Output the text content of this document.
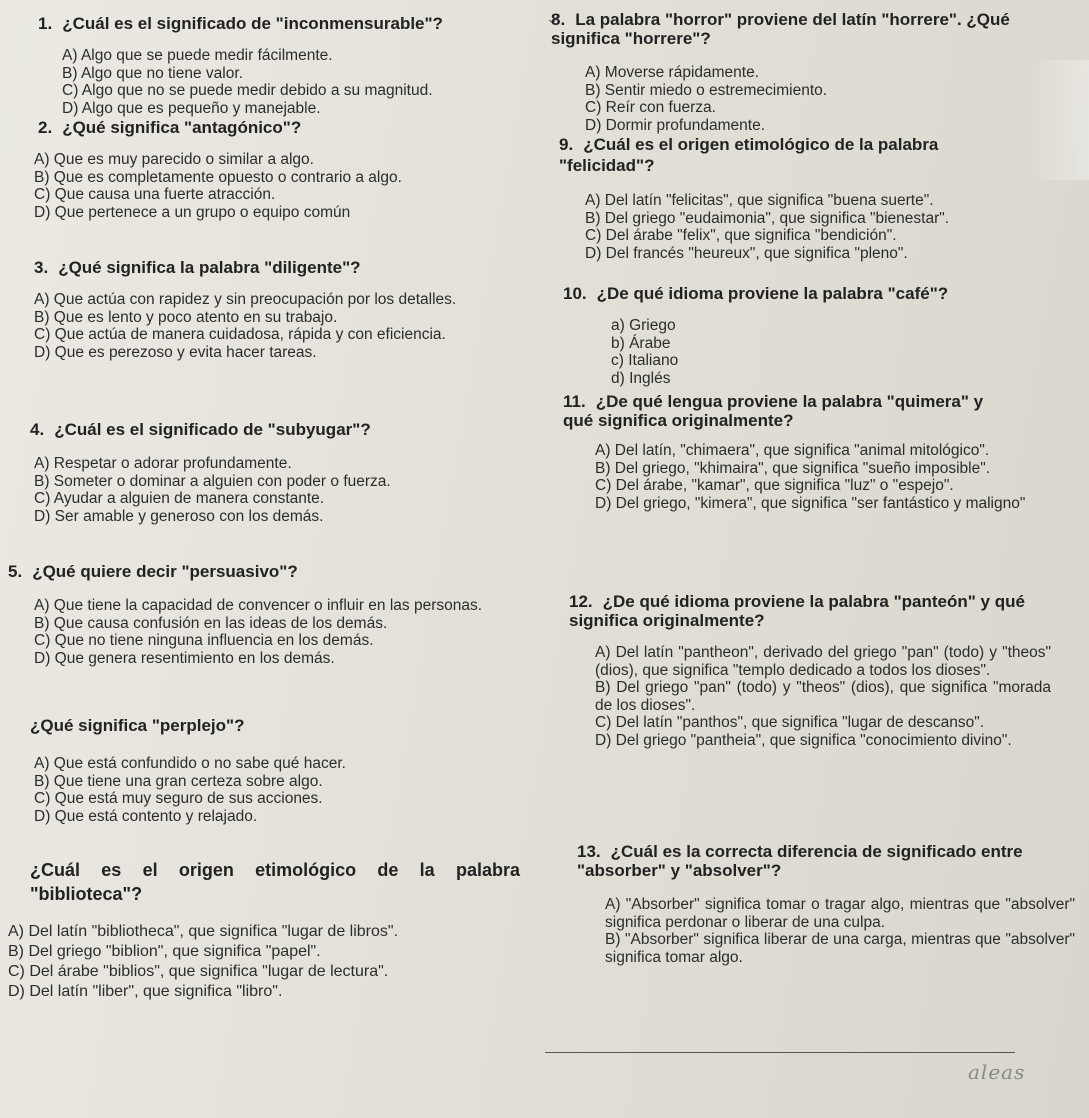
1. ¿Cuál es el significado de "inconmensurable"?

A) Algo que se puede medir fácilmente.

B) Algo que no tiene valor.

C) Algo que no se puede medir debido a su magnitud.

D) Algo que es pequeño y manejable.

2. ¿Qué significa "antagónico"?

A) Que es muy parecido o similar a algo.

B) Que es completamente opuesto o contrario a algo.

C) Que causa una fuerte atracción.

D) Que pertenece a un grupo o equipo común

3. ¿Qué significa la palabra "diligente"?

A) Que actúa con rapidez y sin preocupación por los detalles.

B) Que es lento y poco atento en su trabajo.

C) Que actúa de manera cuidadosa, rápida y con eficiencia.

D) Que es perezoso y evita hacer tareas.

4. ¿Cuál es el significado de "subyugar"?

A) Respetar o adorar profundamente.

B) Someter o dominar a alguien con poder o fuerza.

C) Ayudar a alguien de manera constante.

D) Ser amable y generoso con los demás.

5. ¿Qué quiere decir "persuasivo"?

A) Que tiene la capacidad de convencer o influir en las personas.

B) Que causa confusión en las ideas de los demás.

C) Que no tiene ninguna influencia en los demás.

D) Que genera resentimiento en los demás.

¿Qué significa "perplejo"?

A) Que está confundido o no sabe qué hacer.

B) Que tiene una gran certeza sobre algo.

C) Que está muy seguro de sus acciones.

D) Que está contento y relajado.

¿Cuál es el origen etimológico de la palabra "biblioteca"?

A) Del latín "bibliotheca", que significa "lugar de libros".

B) Del griego "biblion", que significa "papel".

C) Del árabe "biblios", que significa "lugar de lectura".

D) Del latín "liber", que significa "libro".

8. La palabra "horror" proviene del latín "horrere". ¿Qué significa "horrere"?

A) Moverse rápidamente.

B) Sentir miedo o estremecimiento.

C) Reír con fuerza.

D) Dormir profundamente.

9. ¿Cuál es el origen etimológico de la palabra "felicidad"?

A) Del latín "felicitas", que significa "buena suerte".

B) Del griego "eudaimonia", que significa "bienestar".

C) Del árabe "felix", que significa "bendición".

D) Del francés "heureux", que significa "pleno".

10. ¿De qué idioma proviene la palabra "café"?

a) Griego

b) Árabe

c) Italiano

d) Inglés

11. ¿De qué lengua proviene la palabra "quimera" y qué significa originalmente?

A) Del latín, "chimaera", que significa "animal mitológico".

B) Del griego, "khimaira", que significa "sueño imposible".

C) Del árabe, "kamar", que significa "luz" o "espejo".

D) Del griego, "kimera", que significa "ser fantástico y maligno"

12. ¿De qué idioma proviene la palabra "panteón" y qué significa originalmente?

A) Del latín "pantheon", derivado del griego "pan" (todo) y "theos" (dios), que significa "templo dedicado a todos los dioses".

B) Del griego "pan" (todo) y "theos" (dios), que significa "morada de los dioses".

C) Del latín "panthos", que significa "lugar de descanso".

D) Del griego "pantheia", que significa "conocimiento divino".

13. ¿Cuál es la correcta diferencia de significado entre "absorber" y "absolver"?

A) "Absorber" significa tomar o tragar algo, mientras que "absolver" significa perdonar o liberar de una culpa.

B) "Absorber" significa liberar de una carga, mientras que "absolver" significa tomar algo.

aleas
